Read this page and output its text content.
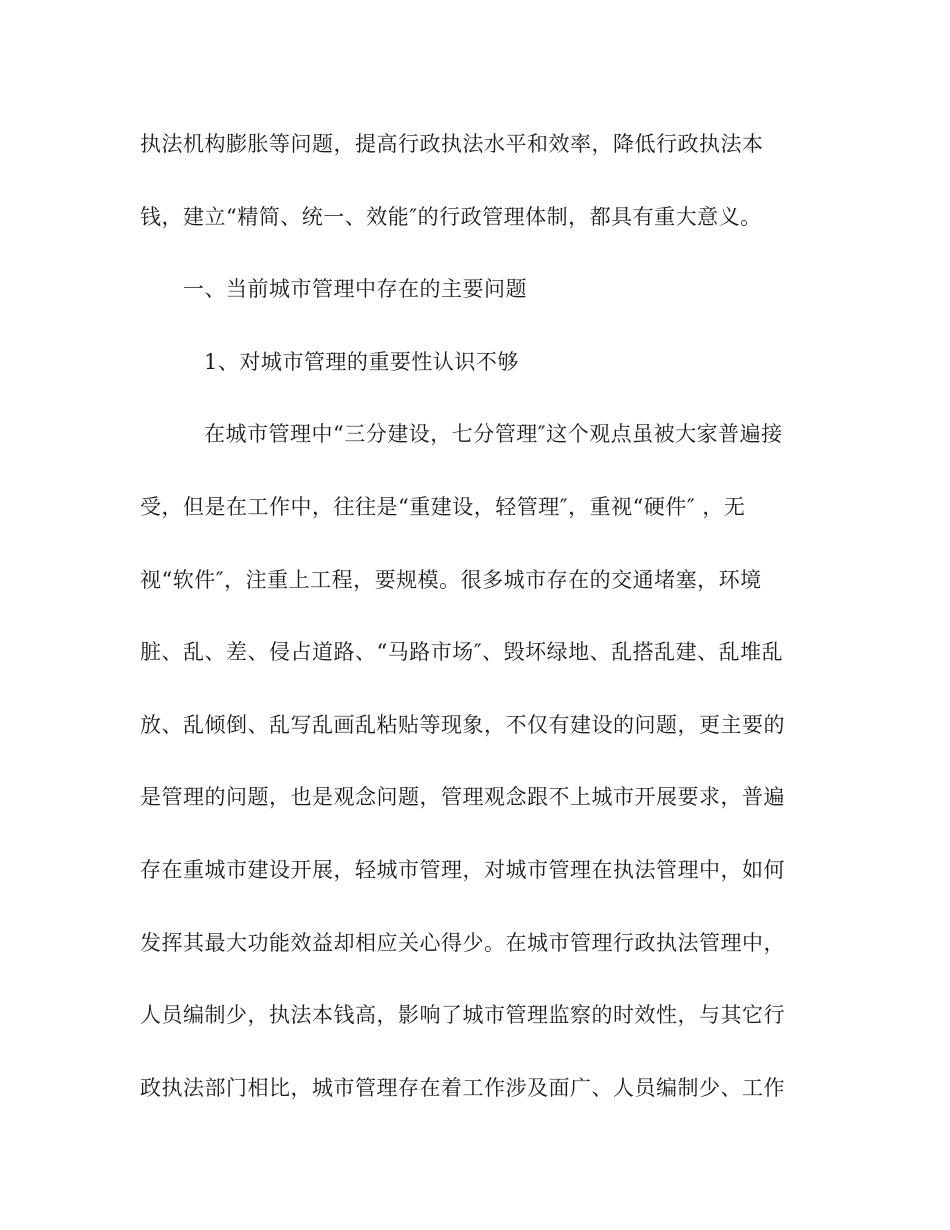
执法机构膨胀等问题，提高行政执法水平和效率，降低行政执法本
钱，建立“精简、统一、效能″的行政管理体制，都具有重大意义。
一、当前城市管理中存在的主要问题
1、对城市管理的重要性认识不够
在城市管理中“三分建设，七分管理″这个观点虽被大家普遍接
受，但是在工作中，往往是“重建设，轻管理″，重视“硬件″ ，无
视“软件″，注重上工程，要规模。很多城市存在的交通堵塞，环境
脏、乱、差、侵占道路、“马路市场″、毁坏绿地、乱搭乱建、乱堆乱
放、乱倾倒、乱写乱画乱粘贴等现象，不仅有建设的问题，更主要的
是管理的问题，也是观念问题，管理观念跟不上城市开展要求，普遍
存在重城市建设开展，轻城市管理，对城市管理在执法管理中，如何
发挥其最大功能效益却相应关心得少。在城市管理行政执法管理中，
人员编制少，执法本钱高，影响了城市管理监察的时效性，与其它行
政执法部门相比，城市管理存在着工作涉及面广、人员编制少、工作
